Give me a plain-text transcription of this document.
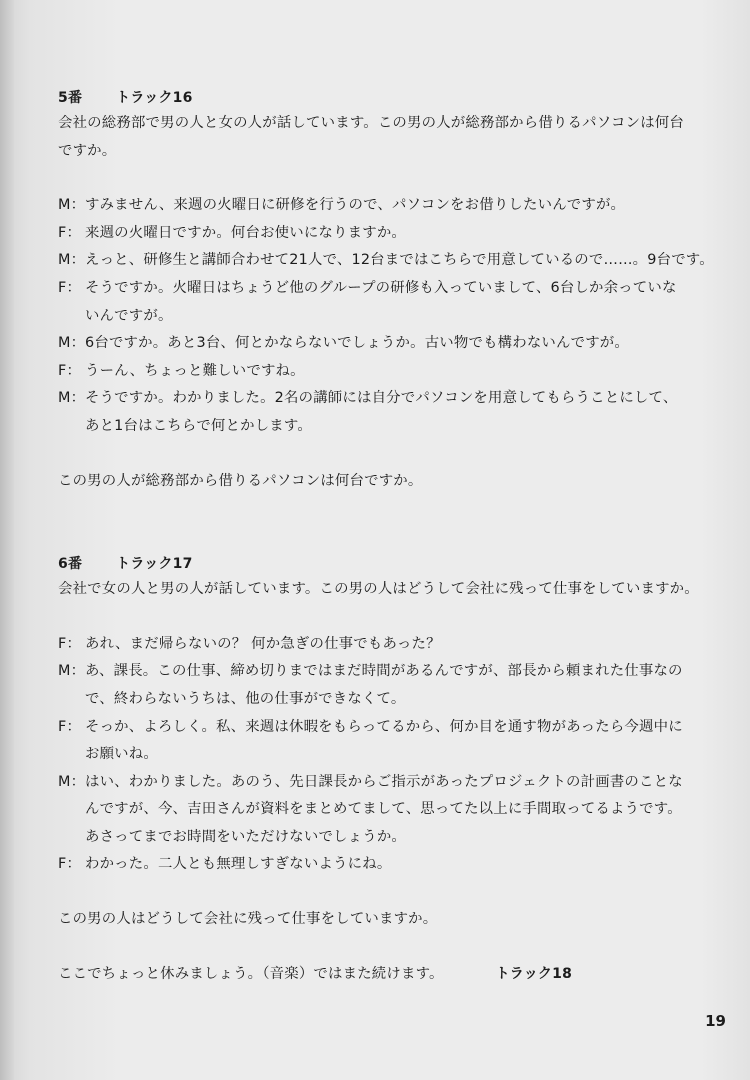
5番 トラック16
会社の総務部で男の人と女の人が話しています。この男の人が総務部から借りるパソコンは何台
ですか。
M：すみません、来週の火曜日に研修を行うので、パソコンをお借りしたいんですが。
F： 来週の火曜日ですか。何台お使いになりますか。
M：えっと、研修生と講師合わせて21人で、12台まではこちらで用意しているので……。9台です。
F： そうですか。火曜日はちょうど他のグループの研修も入っていまして、6台しか余っていな
いんですが。
M：6台ですか。あと3台、何とかならないでしょうか。古い物でも構わないんですが。
F： うーん、ちょっと難しいですね。
M：そうですか。わかりました。2名の講師には自分でパソコンを用意してもらうことにして、
あと1台はこちらで何とかします。
この男の人が総務部から借りるパソコンは何台ですか。
6番 トラック17
会社で女の人と男の人が話しています。この男の人はどうして会社に残って仕事をしていますか。
F： あれ、まだ帰らないの？ 何か急ぎの仕事でもあった？
M：あ、課長。この仕事、締め切りまではまだ時間があるんですが、部長から頼まれた仕事なの
で、終わらないうちは、他の仕事ができなくて。
F： そっか、よろしく。私、来週は休暇をもらってるから、何か目を通す物があったら今週中に
お願いね。
M：はい、わかりました。あのう、先日課長からご指示があったプロジェクトの計画書のことな
んですが、今、吉田さんが資料をまとめてまして、思ってた以上に手間取ってるようです。
あさってまでお時間をいただけないでしょうか。
F： わかった。二人とも無理しすぎないようにね。
この男の人はどうして会社に残って仕事をしていますか。
ここでちょっと休みましょう。（音楽）ではまた続けます。	トラック18
19
